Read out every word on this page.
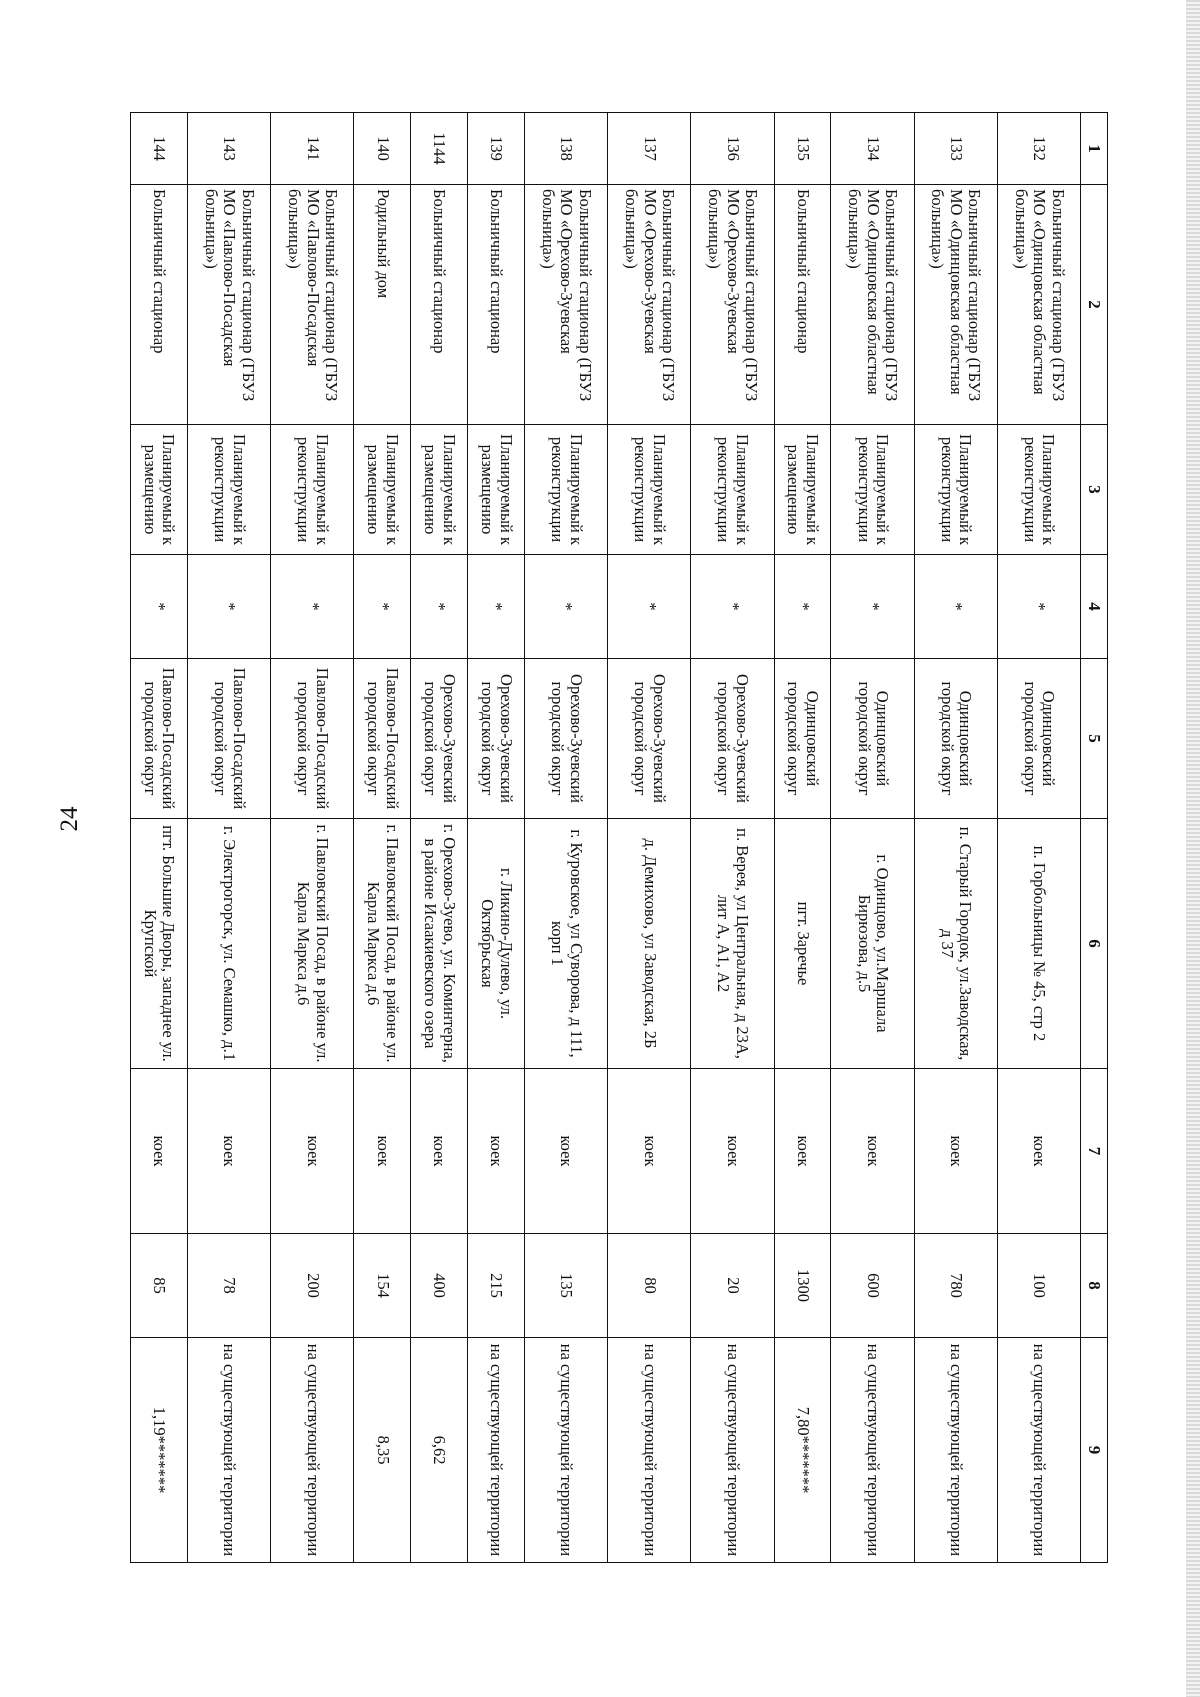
24
1	2	3	4	5	6	7	8	9
132	Больничный стационар (ГБУЗ МО «Одинцовская областная больница»)	Планируемый к реконструкции	*	Одинцовский городской округ	п. Горбольницы № 45, стр 2	коек	100	на существующей территории
133	Больничный стационар (ГБУЗ МО «Одинцовская областная больница»)	Планируемый к реконструкции	*	Одинцовский городской округ	п. Старый Городок, ул.Заводская, д 37	коек	780	на существующей территории
134	Больничный стационар (ГБУЗ МО «Одинцовская областная больница»)	Планируемый к реконструкции	*	Одинцовский городской округ	г. Одинцово, ул.Маршала Бирюзова, д.5	коек	600	на существующей территории
135	Больничный стационар	Планируемый к размещению	*	Одинцовский городской округ	пгт. Заречье	коек	1300	7,80*******
136	Больничный стационар (ГБУЗ МО «Орехово-Зуевская больница»)	Планируемый к реконструкции	*	Орехово-Зуевский городской округ	п. Верея, ул Центральная, д 23А, лит А, А1, А2	коек	20	на существующей территории
137	Больничный стационар (ГБУЗ МО «Орехово-Зуевская больница»)	Планируемый к реконструкции	*	Орехово-Зуевский городской округ	д. Демихово, ул Заводская, 2Б	коек	80	на существующей территории
138	Больничный стационар (ГБУЗ МО «Орехово-Зуевская больница»)	Планируемый к реконструкции	*	Орехово-Зуевский городской округ	г. Куровское, ул Суворова, д 111, корп 1	коек	135	на существующей территории
139	Больничный стационар	Планируемый к размещению	*	Орехово-Зуевский городской округ	г. Ликино-Дулево, ул. Октябрьская	коек	215	на существующей территории
1144	Больничный стационар	Планируемый к размещению	*	Орехово-Зуевский городской округ	г. Орехово-Зуево, ул. Коминтерна, в районе Исаакиевского озера	коек	400	6,62
140	Родильный дом	Планируемый к размещению	*	Павлово-Посадский городской округ	г. Павловский Посад, в районе ул. Карла Маркса д.6	коек	154	8,35
141	Больничный стационар (ГБУЗ МО «Павлово-Посадская больница»)	Планируемый к реконструкции	*	Павлово-Посадский городской округ	г. Павловский Посад, в районе ул. Карла Маркса д.6	коек	200	на существующей территории
143	Больничный стационар (ГБУЗ МО «Павлово-Посадская больница»)	Планируемый к реконструкции	*	Павлово-Посадский городской округ	г. Электрогорск, ул. Семашко, д.1	коек	78	на существующей территории
144	Больничный стационар	Планируемый к размещению	*	Павлово-Посадский городской округ	пгт. Большие Дворы, западнее ул. Крупской	коек	85	1,19*******
